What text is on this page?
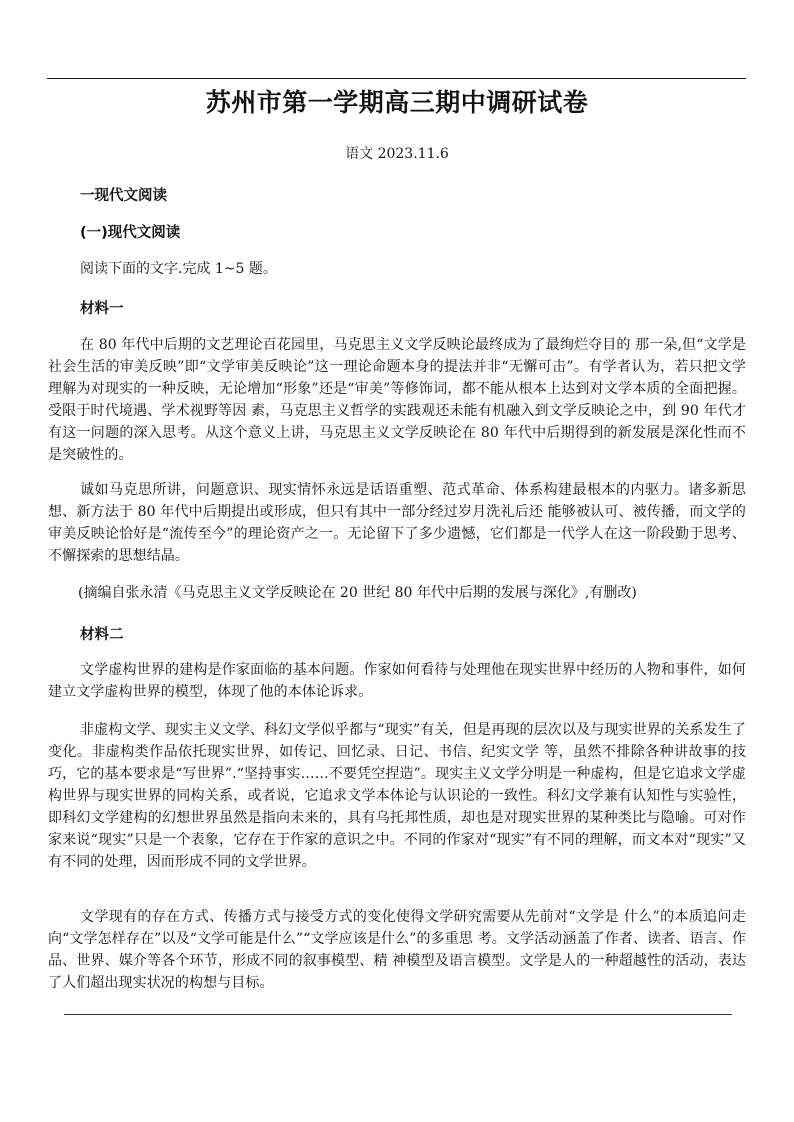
苏州市第一学期高三期中调研试卷
语文 2023.11.6
一现代文阅读
(一)现代文阅读

阅读下面的文字.完成 1~5 题。

材料一

在 80 年代中后期的文艺理论百花园里，马克思主义文学反映论最终成为了最绚烂夺目的 那一朵,但“文学是社会生活的审美反映”即“文学审美反映论”这一理论命题本身的提法并非“无懈可击”。有学者认为，若只把文学理解为对现实的一种反映，无论增加“形象”还是“审美”等修饰词，都不能从根本上达到对文学本质的全面把握。受限于时代境遇、学术视野等因 素，马克思主义哲学的实践观还未能有机融入到文学反映论之中，到 90 年代才有这一问题的深入思考。从这个意义上讲，马克思主义文学反映论在 80 年代中后期得到的新发展是深化性而不是突破性的。

诚如马克思所讲，问题意识、现实情怀永远是话语重塑、范式革命、体系构建最根本的内驱力。诸多新思想、新方法于 80 年代中后期提出或形成，但只有其中一部分经过岁月洗礼后还 能够被认可、被传播，而文学的审美反映论恰好是“流传至今”的理论资产之一。无论留下了多少遗憾，它们都是一代学人在这一阶段勤于思考、不懈探索的思想结晶。

(摘编自张永清《马克思主义文学反映论在 20 世纪 80 年代中后期的发展与深化》,有删改)

材料二

文学虚构世界的建构是作家面临的基本问题。作家如何看待与处理他在现实世界中经历的人物和事件，如何建立文学虚构世界的模型，体现了他的本体论诉求。

非虚构文学、现实主义文学、科幻文学似乎都与“现实”有关，但是再现的层次以及与现实世界的关系发生了变化。非虚构类作品依托现实世界，如传记、回忆录、日记、书信、纪实文学 等，虽然不排除各种讲故事的技巧，它的基本要求是“写世界”.“坚持事实……不要凭空捏造”。现实主义文学分明是一种虚构，但是它追求文学虚构世界与现实世界的同构关系，或者说，它追求文学本体论与认识论的一致性。科幻文学兼有认知性与实验性，即科幻文学建构的幻想世界虽然是指向未来的，具有乌托邦性质，却也是对现实世界的某种类比与隐喻。可对作 家来说“现实”只是一个表象，它存在于作家的意识之中。不同的作家对“现实”有不同的理解，而文本对“现实”又有不同的处理，因而形成不同的文学世界。

文学现有的存在方式、传播方式与接受方式的变化使得文学研究需要从先前对“文学是 什么”的本质追问走向“文学怎样存在”以及“文学可能是什么”“文学应该是什么”的多重思 考。文学活动涵盖了作者、读者、语言、作品、世界、媒介等各个环节，形成不同的叙事模型、精 神模型及语言模型。文学是人的一种超越性的活动，表达了人们超出现实状况的构想与目标。
